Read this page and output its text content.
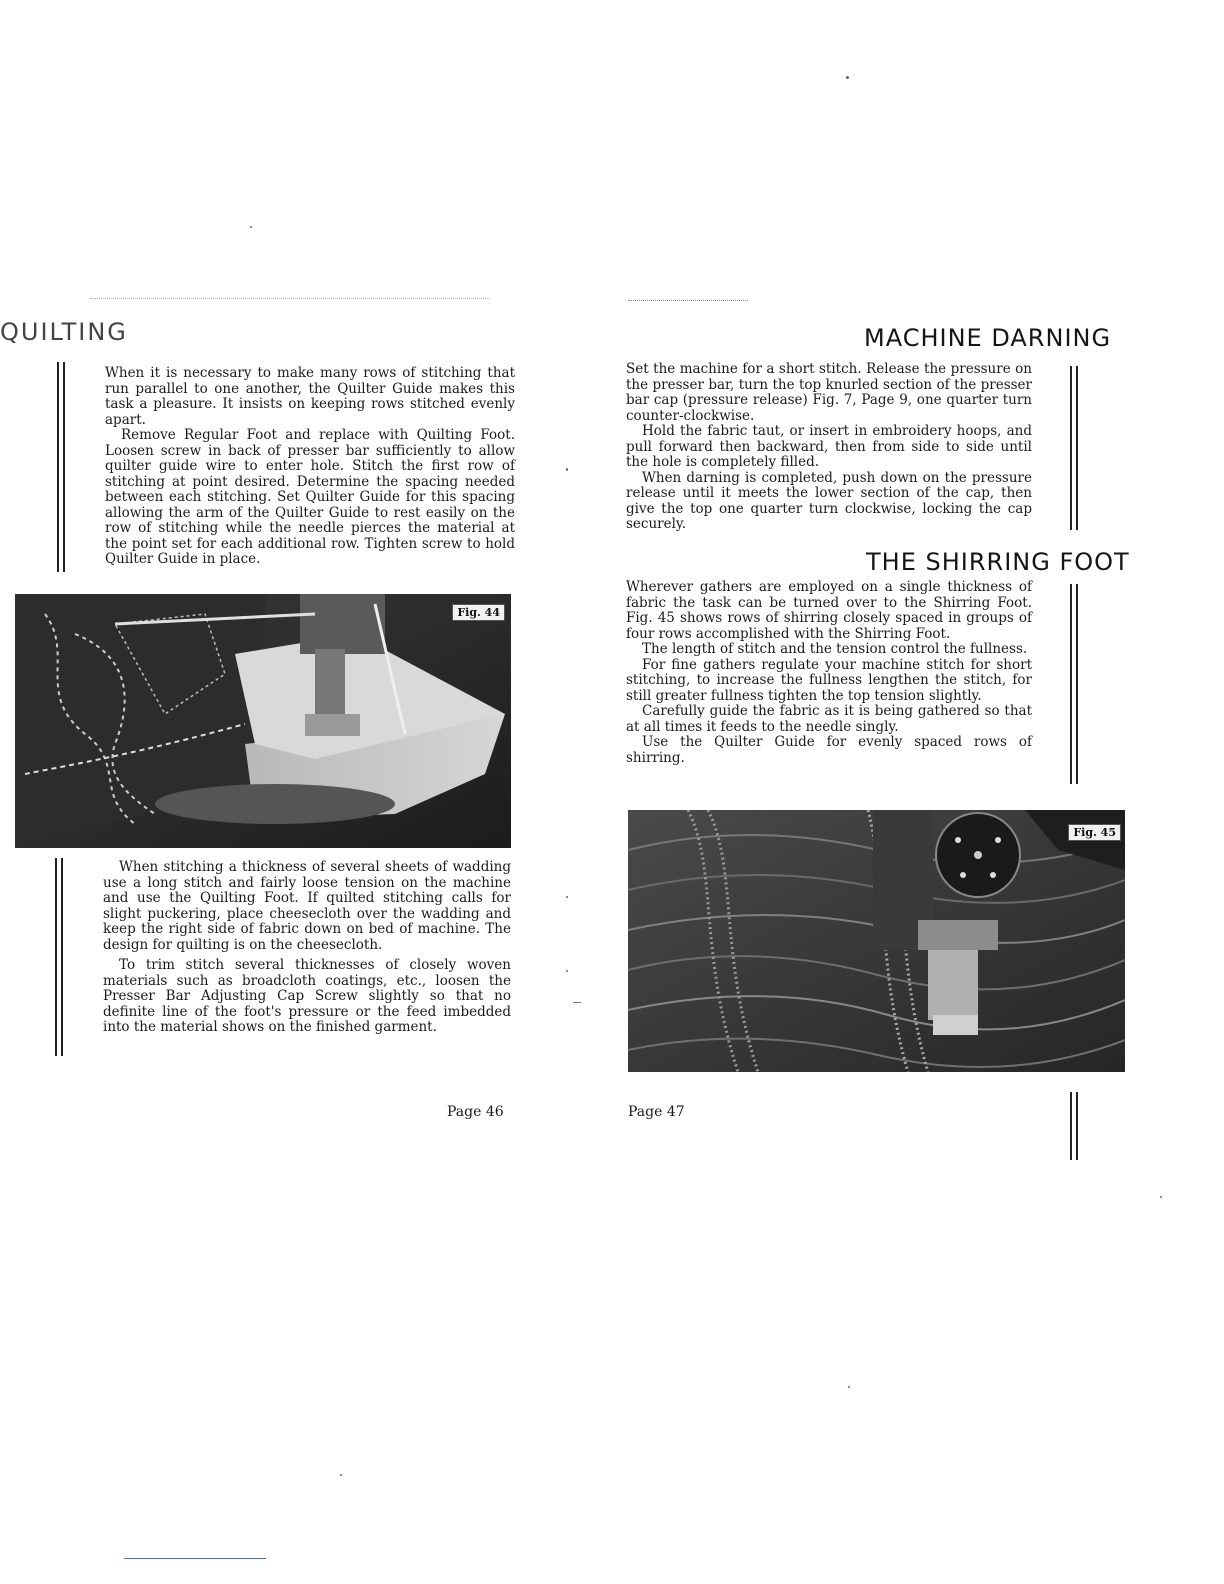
QUILTING

When it is necessary to make many rows of stitching that run parallel to one another, the Quilter Guide makes this task a pleasure. It insists on keeping rows stitched evenly apart.

Remove Regular Foot and replace with Quilting Foot. Loosen screw in back of presser bar sufficiently to allow quilter guide wire to enter hole. Stitch the first row of stitching at point desired. Determine the spacing needed between each stitching. Set Quilter Guide for this spacing allowing the arm of the Quilter Guide to rest easily on the row of stitching while the needle pierces the material at the point set for each additional row. Tighten screw to hold Quilter Guide in place.

Fig. 44

When stitching a thickness of several sheets of wadding use a long stitch and fairly loose tension on the machine and use the Quilting Foot. If quilted stitching calls for slight puckering, place cheesecloth over the wadding and keep the right side of fabric down on bed of machine. The design for quilting is on the cheesecloth.

To trim stitch several thicknesses of closely woven materials such as broadcloth coatings, etc., loosen the Presser Bar Adjusting Cap Screw slightly so that no definite line of the foot's pressure or the feed imbedded into the material shows on the finished garment.

Page 46
MACHINE DARNING

Set the machine for a short stitch. Release the pressure on the presser bar, turn the top knurled section of the presser bar cap (pressure release) Fig. 7, Page 9, one quarter turn counter-clockwise.

Hold the fabric taut, or insert in embroidery hoops, and pull forward then backward, then from side to side until the hole is completely filled.

When darning is completed, push down on the pressure release until it meets the lower section of the cap, then give the top one quarter turn clockwise, locking the cap securely.

THE SHIRRING FOOT

Wherever gathers are employed on a single thickness of fabric the task can be turned over to the Shirring Foot. Fig. 45 shows rows of shirring closely spaced in groups of four rows accomplished with the Shirring Foot.

The length of stitch and the tension control the fullness.

For fine gathers regulate your machine stitch for short stitching, to increase the fullness lengthen the stitch, for still greater fullness tighten the top tension slightly.

Carefully guide the fabric as it is being gathered so that at all times it feeds to the needle singly.

Use the Quilter Guide for evenly spaced rows of shirring.

Fig. 45
Page 47
